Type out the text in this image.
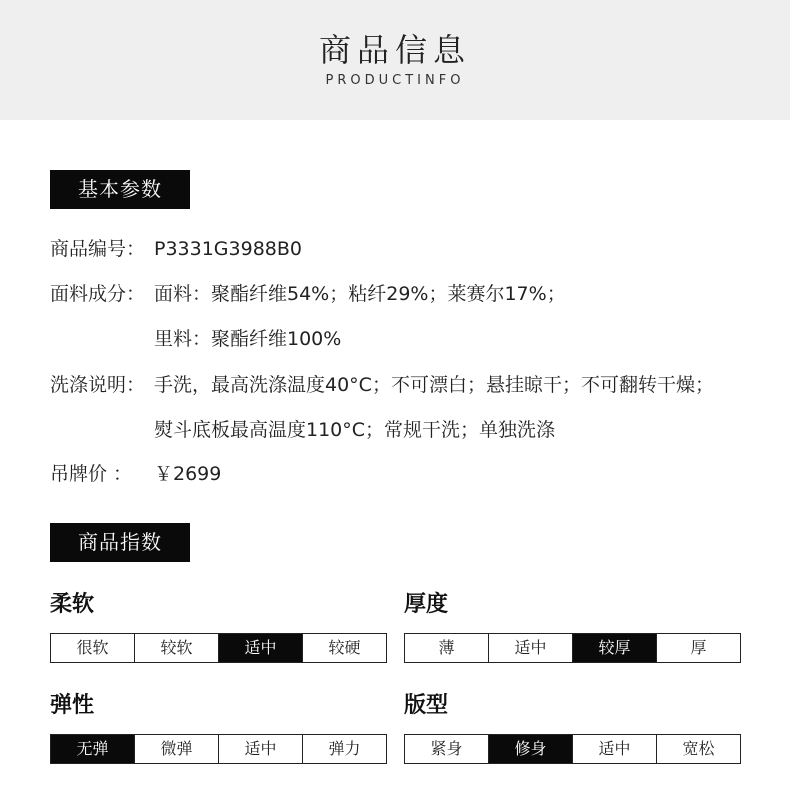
商品信息
PRODUCTINFO
基本参数
商品编号： P3331G3988B0
面料成分： 面料：聚酯纤维54%；粘纤29%；莱赛尔17%；
里料：聚酯纤维100%
洗涤说明： 手洗，最高洗涤温度40°C；不可漂白；悬挂晾干；不可翻转干燥；
熨斗底板最高温度110°C；常规干洗；单独洗涤
吊牌价 ： ￥2699
商品指数
柔软
很软	较软	适中	较硬
厚度
薄	适中	较厚	厚
弹性
无弹	微弹	适中	弹力
版型
紧身	修身	适中	宽松
